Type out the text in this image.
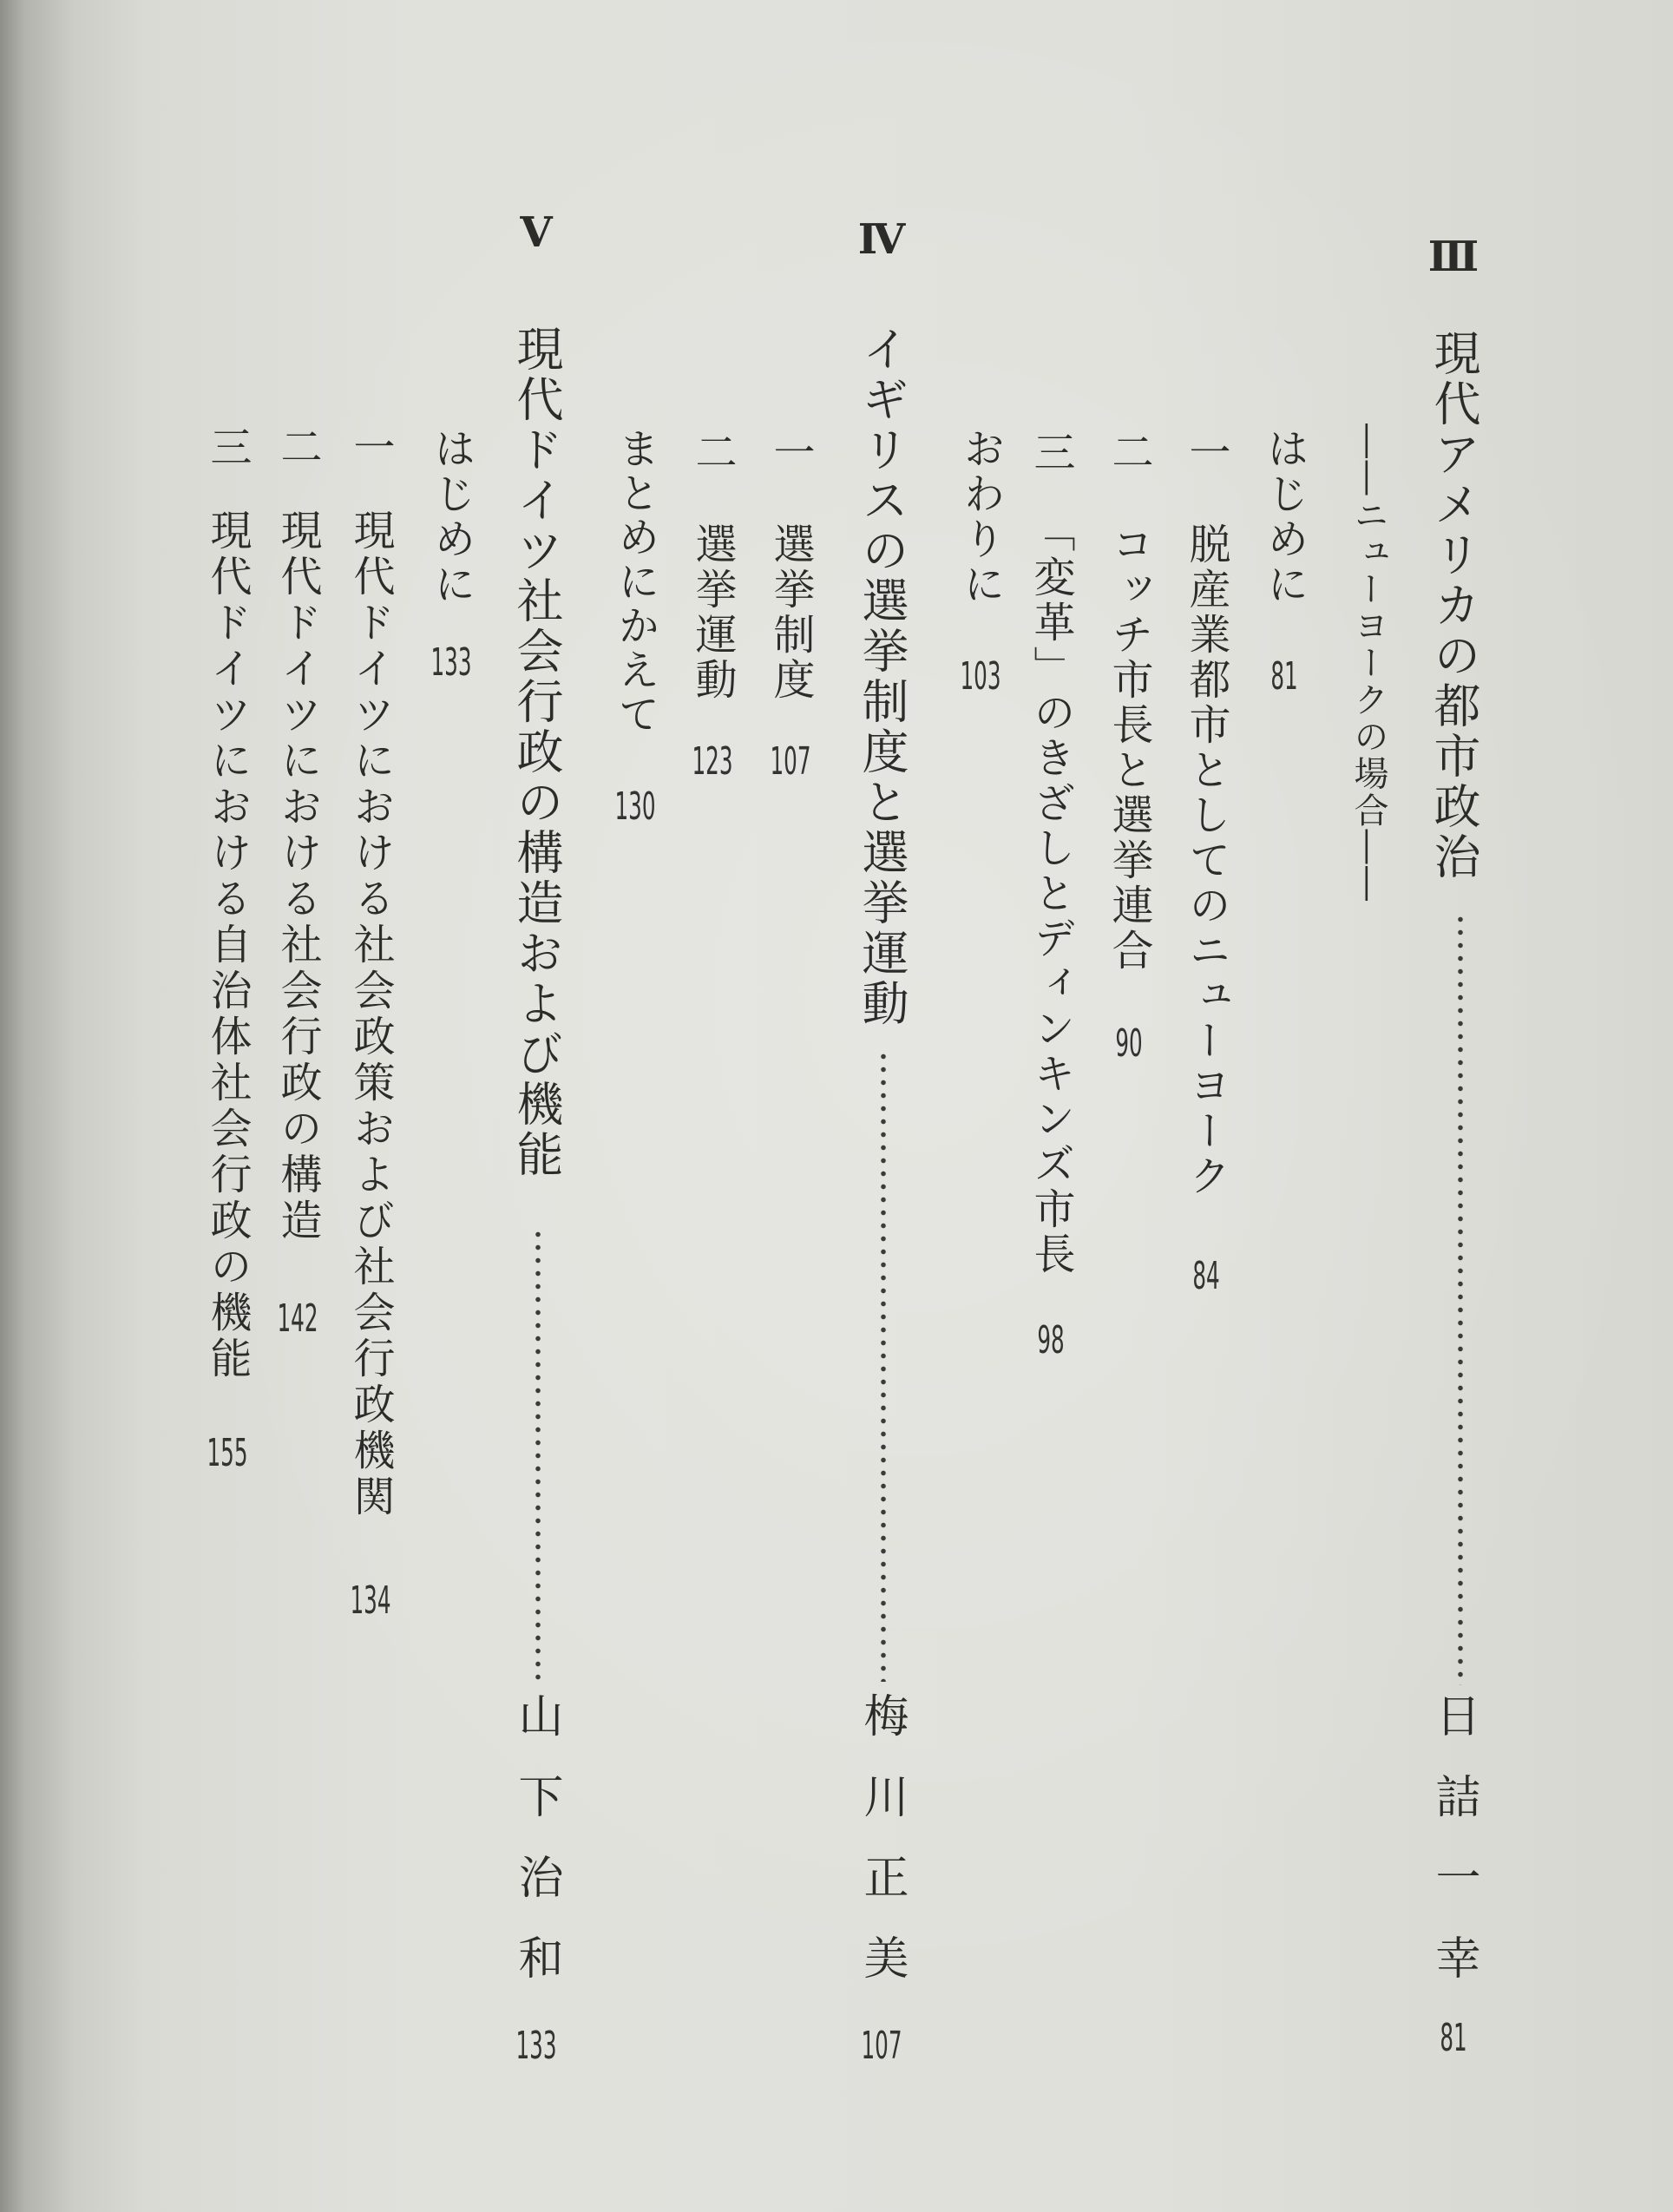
Ⅲ
現代アメリカの都市政治
日詰一幸
81
――ニューヨークの場合――
はじめに
81
一
脱産業都市としてのニューヨーク
84
二
コッチ市長と選挙連合
90
三
「変革」のきざしとディンキンズ市長
98
おわりに
103
Ⅳ
イギリスの選挙制度と選挙運動
梅川正美
107
一
選挙制度
107
二
選挙運動
123
まとめにかえて
130
Ⅴ
現代ドイツ社会行政の構造および機能
山下治和
133
はじめに
133
一
現代ドイツにおける社会政策および社会行政機関
134
二
現代ドイツにおける社会行政の構造
142
三
現代ドイツにおける自治体社会行政の機能
155
